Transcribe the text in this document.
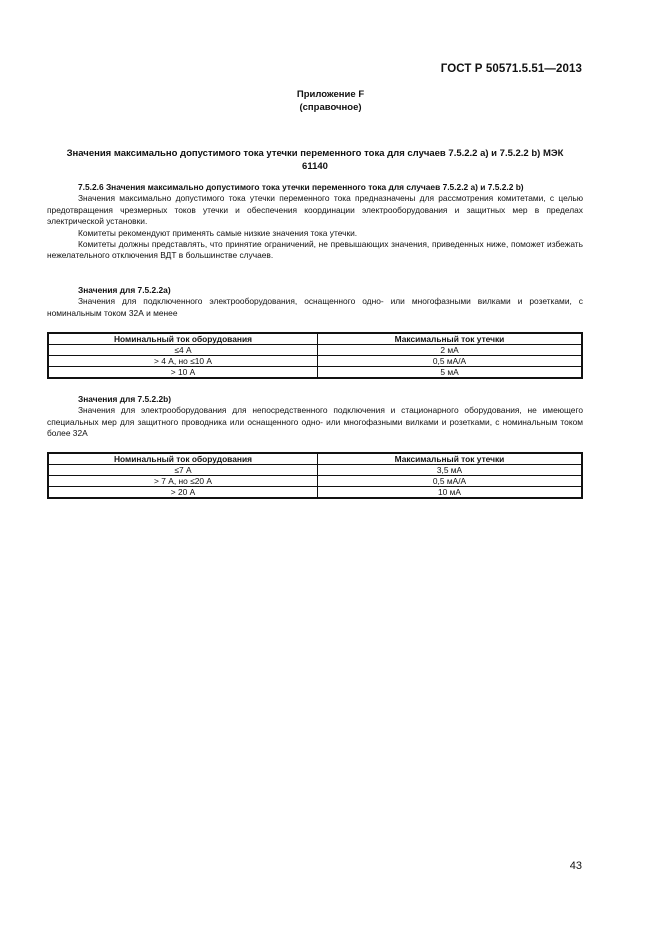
ГОСТ Р 50571.5.51—2013
Приложение F
(справочное)
Значения максимально допустимого тока утечки переменного тока для случаев 7.5.2.2 а) и 7.5.2.2 b) МЭК 61140

7.5.2.6 Значения максимально допустимого тока утечки переменного тока для случаев 7.5.2.2 а) и 7.5.2.2 b)

Значения максимально допустимого тока утечки переменного тока предназначены для рассмотрения комитетами, с целью предотвращения чрезмерных токов утечки и обеспечения координации электрооборудования и защитных мер в пределах электрической установки.

Комитеты рекомендуют применять самые низкие значения тока утечки.

Комитеты должны представлять, что принятие ограничений, не превышающих значения, приведенных ниже, поможет избежать нежелательного отключения ВДТ в большинстве случаев.

Значения для 7.5.2.2а)

Значения для подключенного электрооборудования, оснащенного одно- или многофазными вилками и розетками, с номинальным током 32А и менее

Номинальный ток оборудования	Максимальный ток утечки
≤4 А	2 мА
> 4 А, но ≤10 А	0,5 мА/А
> 10 А	5 мА

Значения для 7.5.2.2b)

Значения для электрооборудования для непосредственного подключения и стационарного оборудования, не имеющего специальных мер для защитного проводника или оснащенного одно- или многофазными вилками и розетками, с номинальным током более 32А

Номинальный ток оборудования	Максимальный ток утечки
≤7 А	3,5 мА
> 7 А, но ≤20 А	0,5 мА/А
> 20 А	10 мА
43
